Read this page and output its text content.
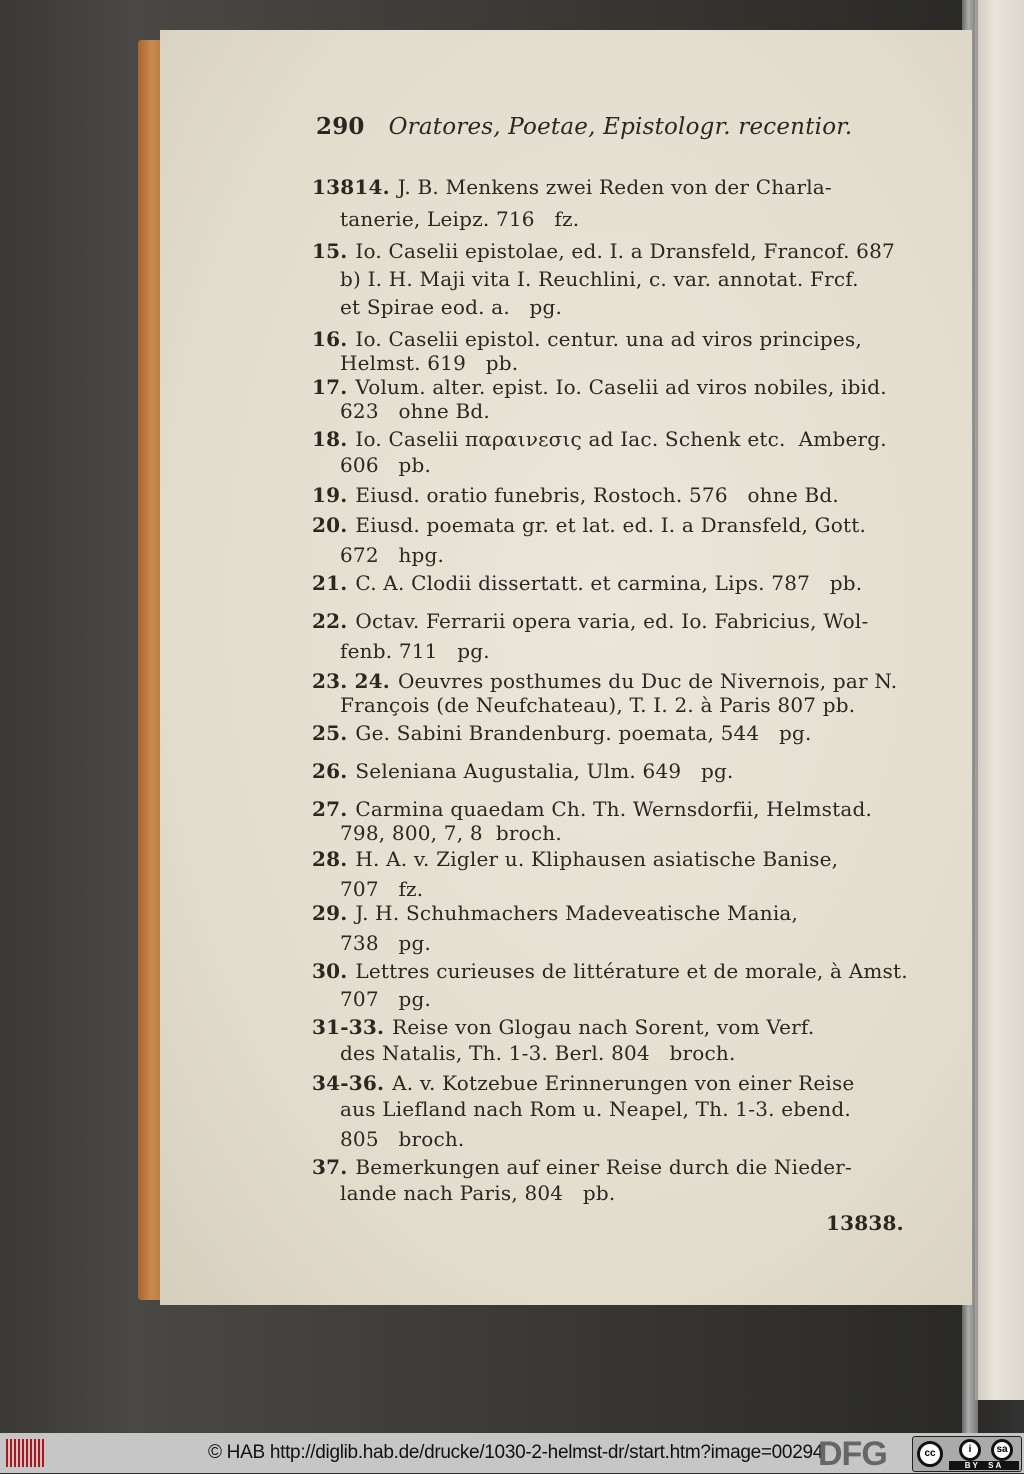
290 Oratores, Poetae, Epistologr. recentior.
13814. J. B. Menkens zwei Reden von der Charla-
tanerie, Leipz. 716   fz.
15. Io. Caselii epistolae, ed. I. a Dransfeld, Francof. 687
b) I. H. Maji vita I. Reuchlini, c. var. annotat. Frcf.
et Spirae eod. a.   pg.
16. Io. Caselii epistol. centur. una ad viros principes,
Helmst. 619   pb.
17. Volum. alter. epist. Io. Caselii ad viros nobiles, ibid.
623   ohne Bd.
18. Io. Caselii παραινεσις ad Iac. Schenk etc.  Amberg.
606   pb.
19. Eiusd. oratio funebris, Rostoch. 576   ohne Bd.
20. Eiusd. poemata gr. et lat. ed. I. a Dransfeld, Gott.
672   hpg.
21. C. A. Clodii dissertatt. et carmina, Lips. 787   pb.
22. Octav. Ferrarii opera varia, ed. Io. Fabricius, Wol-
fenb. 711   pg.
23. 24. Oeuvres posthumes du Duc de Nivernois, par N.
François (de Neufchateau), T. I. 2. à Paris 807 pb.
25. Ge. Sabini Brandenburg. poemata, 544   pg.
26. Seleniana Augustalia, Ulm. 649   pg.
27. Carmina quaedam Ch. Th. Wernsdorfii, Helmstad.
798, 800, 7, 8  broch.
28. H. A. v. Zigler u. Kliphausen asiatische Banise,
707   fz.
29. J. H. Schuhmachers Madeveatische Mania,
738   pg.
30. Lettres curieuses de littérature et de morale, à Amst.
707   pg.
31-33. Reise von Glogau nach Sorent, vom Verf.
des Natalis, Th. 1-3. Berl. 804   broch.
34-36. A. v. Kotzebue Erinnerungen von einer Reise
aus Liefland nach Rom u. Neapel, Th. 1-3. ebend.
805   broch.
37. Bemerkungen auf einer Reise durch die Nieder-
lande nach Paris, 804   pb.
13838.
© HAB http://diglib.hab.de/drucke/1030-2-helmst-dr/start.htm?image=00294
DFG	cc	i	sa
BY  SA
